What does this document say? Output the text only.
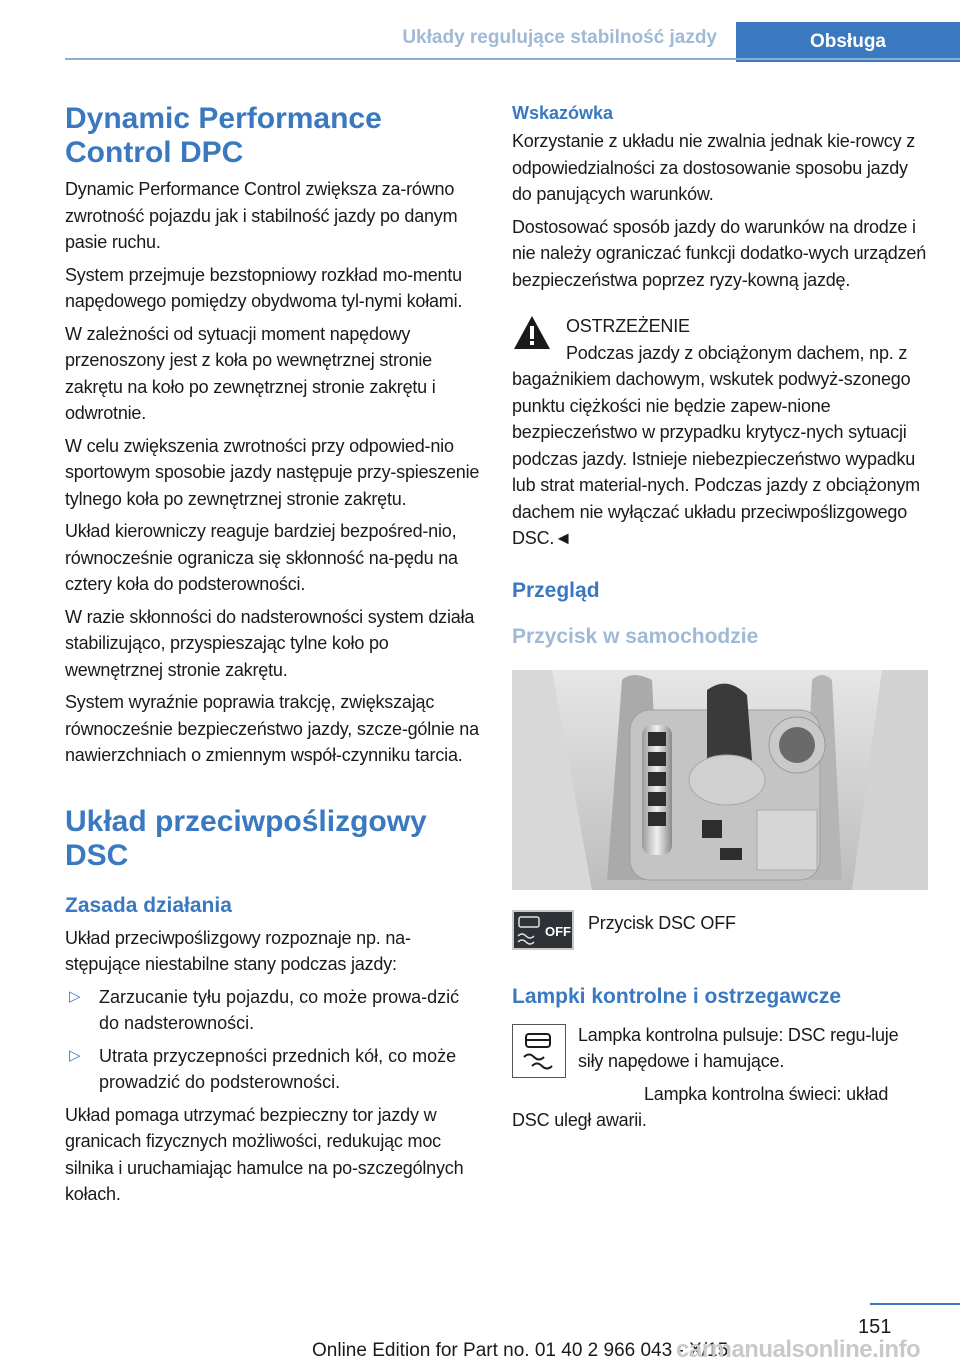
Układy regulujące stabilność jazdy	Obsługa
Dynamic Performance Control DPC

Dynamic Performance Control zwiększa za-równo zwrotność pojazdu jak i stabilność jazdy po danym pasie ruchu.

System przejmuje bezstopniowy rozkład mo-mentu napędowego pomiędzy obydwoma tyl-nymi kołami.

W zależności od sytuacji moment napędowy przenoszony jest z koła po wewnętrznej stronie zakrętu na koło po zewnętrznej stronie zakrętu i odwrotnie.

W celu zwiększenia zwrotności przy odpowied-nio sportowym sposobie jazdy następuje przy-spieszenie tylnego koła po zewnętrznej stronie zakrętu.

Układ kierowniczy reaguje bardziej bezpośred-nio, równocześnie ogranicza się skłonność na-pędu na cztery koła do podsterowności.

W razie skłonności do nadsterowności system działa stabilizująco, przyspieszając tylne koło po wewnętrznej stronie zakrętu.

System wyraźnie poprawia trakcję, zwiększając równocześnie bezpieczeństwo jazdy, szcze-gólnie na nawierzchniach o zmiennym współ-czynniku tarcia.

Układ przeciwpoślizgowy DSC
Zasada działania

Układ przeciwpoślizgowy rozpoznaje np. na-stępujące niestabilne stany podczas jazdy:

▷ Zarzucanie tyłu pojazdu, co może prowa-dzić do nadsterowności.
▷ Utrata przyczepności przednich kół, co może prowadzić do podsterowności.

Układ pomaga utrzymać bezpieczny tor jazdy w granicach fizycznych możliwości, redukując moc silnika i uruchamiając hamulce na po-szczególnych kołach.

Wskazówka

Korzystanie z układu nie zwalnia jednak kie-rowcy z odpowiedzialności za dostosowanie sposobu jazdy do panujących warunków.

Dostosować sposób jazdy do warunków na drodze i nie należy ograniczać funkcji dodatko-wych urządzeń bezpieczeństwa poprzez ryzy-kowną jazdę.

OSTRZEŻENIE

Podczas jazdy z obciążonym dachem, np. z bagażnikiem dachowym, wskutek podwyż-szonego punktu ciężkości nie będzie zapew-nione bezpieczeństwo w przypadku krytycz-nych sytuacji podczas jazdy. Istnieje niebezpieczeństwo wypadku lub strat material-nych. Podczas jazdy z obciążonym dachem nie wyłączać układu przeciwpoślizgowego DSC.◄

Przegląd
Przycisk w samochodzie
OFF Przycisk DSC OFF

Lampki kontrolne i ostrzegawcze

Lampka kontrolna pulsuje: DSC regu-luje siły napędowe i hamujące.

Lampka kontrolna świeci: układ DSC uległ awarii.

151
Online Edition for Part no. 01 40 2 966 043 - X/15
carmanualsonline.info
